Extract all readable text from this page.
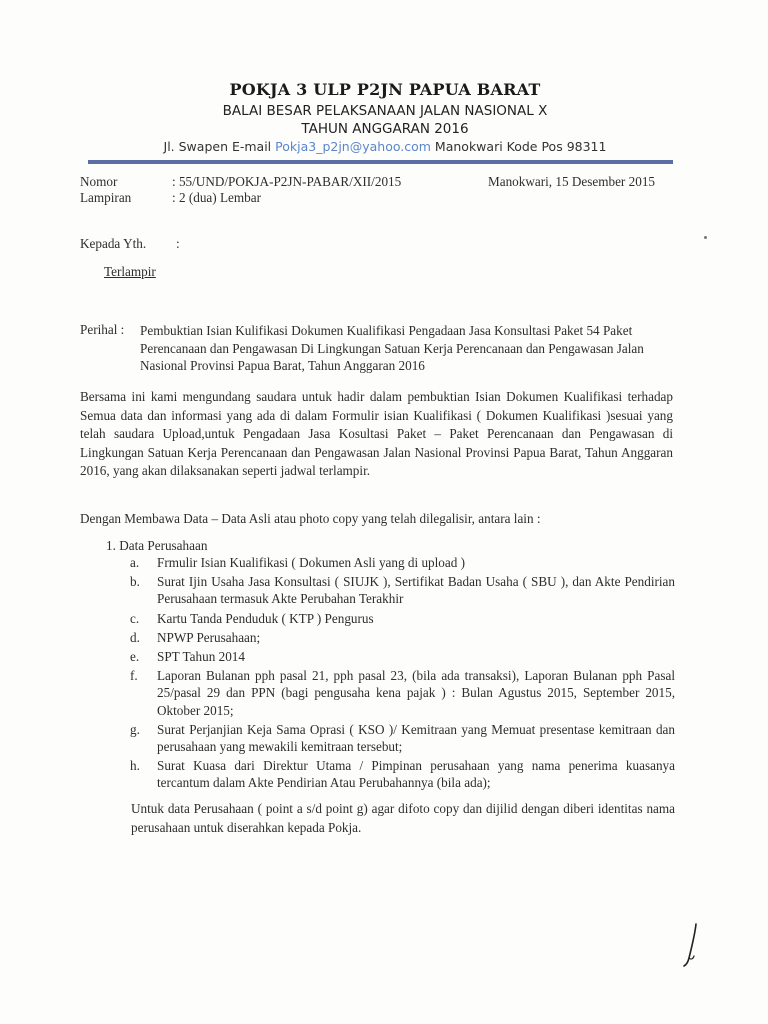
POKJA 3 ULP P2JN PAPUA BARAT
BALAI BESAR PELAKSANAAN JALAN NASIONAL X
TAHUN ANGGARAN 2016
Jl. Swapen E-mail Pokja3_p2jn@yahoo.com Manokwari Kode Pos 98311
Nomor	: 55/UND/POKJA-P2JN-PABAR/XII/2015
Lampiran	: 2 (dua) Lembar
Manokwari, 15 Desember 2015
Kepada Yth. :
Terlampir
Perihal : Pembuktian Isian Kulifikasi Dokumen Kualifikasi Pengadaan Jasa Konsultasi Paket 54 Paket Perencanaan dan Pengawasan Di Lingkungan Satuan Kerja Perencanaan dan Pengawasan Jalan Nasional Provinsi Papua Barat, Tahun Anggaran 2016
Bersama ini kami mengundang saudara untuk hadir dalam pembuktian Isian Dokumen Kualifikasi terhadap Semua data dan informasi yang ada di dalam Formulir isian Kualifikasi ( Dokumen Kualifikasi )sesuai yang telah saudara Upload,untuk Pengadaan Jasa Kosultasi Paket – Paket Perencanaan dan Pengawasan di Lingkungan Satuan Kerja Perencanaan dan Pengawasan Jalan Nasional Provinsi Papua Barat, Tahun Anggaran 2016, yang akan dilaksanakan seperti jadwal terlampir.
Dengan Membawa Data – Data Asli atau photo copy yang telah dilegalisir, antara lain :
1. Data Perusahaan
a. Frmulir Isian Kualifikasi ( Dokumen Asli yang di upload )
b. Surat Ijin Usaha Jasa Konsultasi ( SIUJK ), Sertifikat Badan Usaha ( SBU ), dan Akte Pendirian Perusahaan termasuk Akte Perubahan Terakhir
c. Kartu Tanda Penduduk ( KTP ) Pengurus
d. NPWP Perusahaan;
e. SPT Tahun 2014
f. Laporan Bulanan pph pasal 21, pph pasal 23, (bila ada transaksi), Laporan Bulanan pph Pasal 25/pasal 29 dan PPN (bagi pengusaha kena pajak ) : Bulan Agustus 2015, September 2015, Oktober 2015;
g. Surat Perjanjian Keja Sama Oprasi ( KSO )/ Kemitraan yang Memuat presentase kemitraan dan perusahaan yang mewakili kemitraan tersebut;
h. Surat Kuasa dari Direktur Utama / Pimpinan perusahaan yang nama penerima kuasanya tercantum dalam Akte Pendirian Atau Perubahannya (bila ada);
Untuk data Perusahaan ( point a s/d point g) agar difoto copy dan dijilid dengan diberi identitas nama perusahaan untuk diserahkan kepada Pokja.
